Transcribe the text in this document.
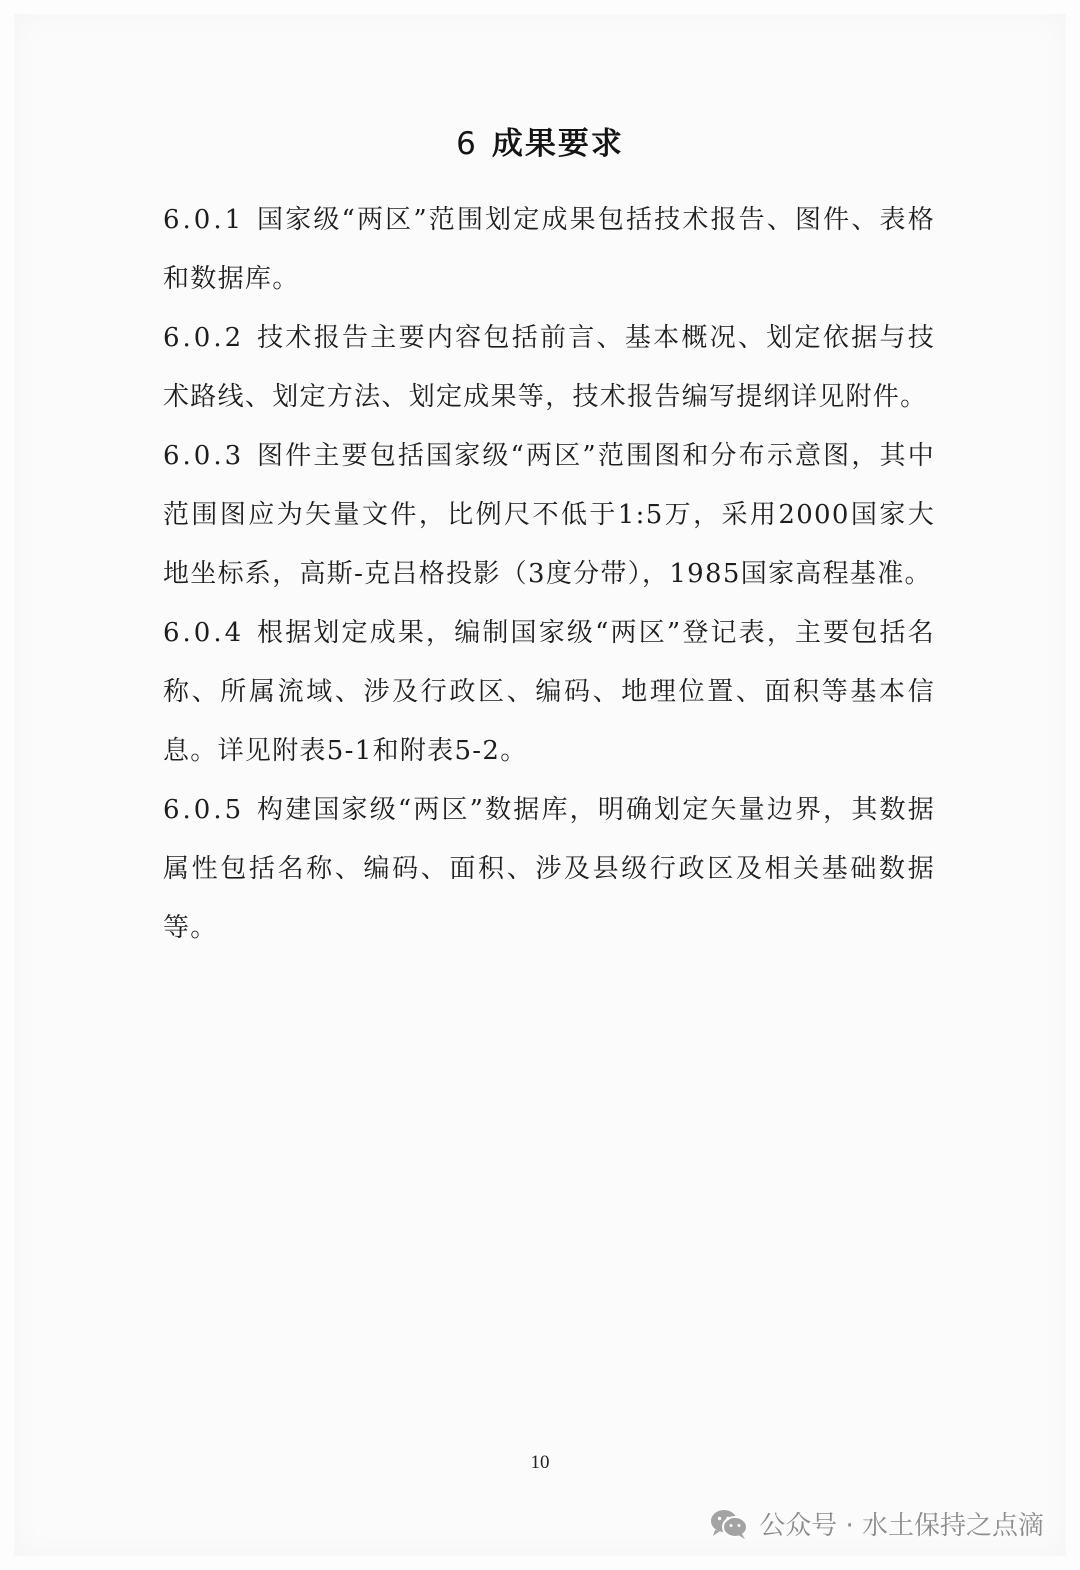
6 成果要求

6.0.1 国家级“两区”范围划定成果包括技术报告、图件、表格和数据库。

6.0.2 技术报告主要内容包括前言、基本概况、划定依据与技术路线、划定方法、划定成果等，技术报告编写提纲详见附件。

6.0.3 图件主要包括国家级“两区”范围图和分布示意图，其中范围图应为矢量文件，比例尺不低于1:5万，采用2000国家大地坐标系，高斯-克吕格投影（3度分带），1985国家高程基准。

6.0.4 根据划定成果，编制国家级“两区”登记表，主要包括名称、所属流域、涉及行政区、编码、地理位置、面积等基本信息。详见附表5-1和附表5-2。

6.0.5 构建国家级“两区”数据库，明确划定矢量边界，其数据属性包括名称、编码、面积、涉及县级行政区及相关基础数据等。

10
公众号 · 水土保持之点滴
